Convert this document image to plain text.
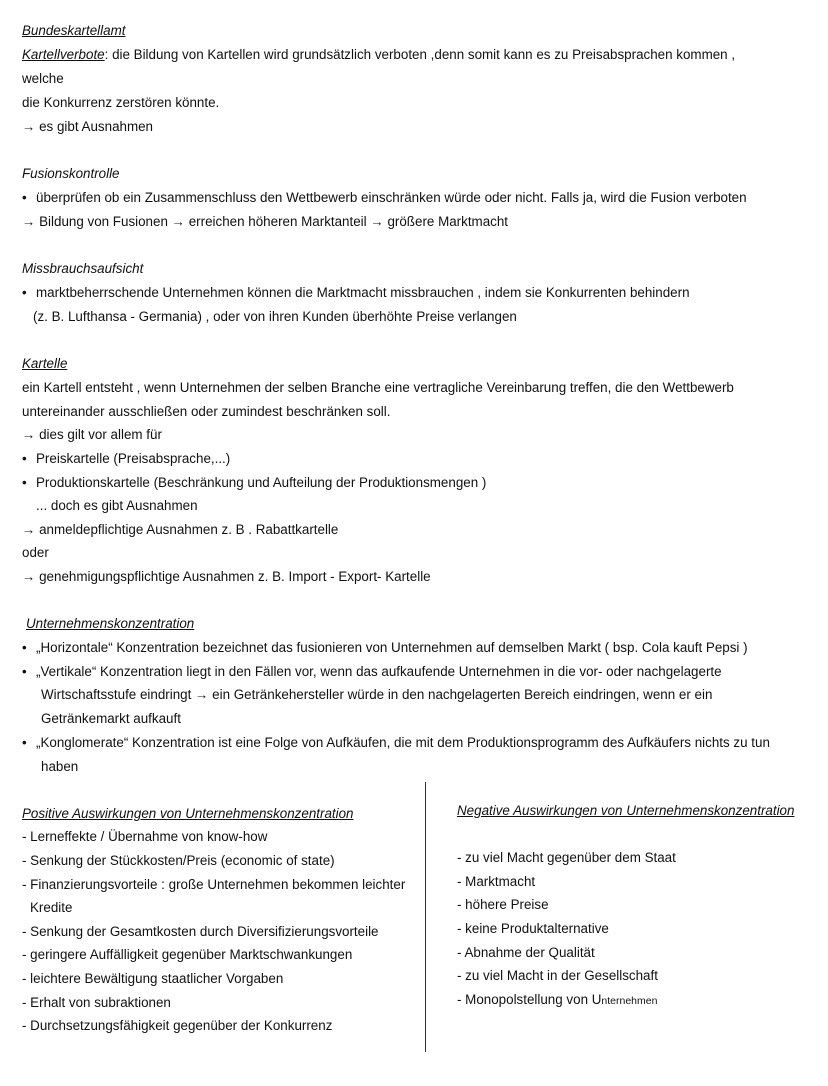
Bundeskartellamt
Kartellverbote: die Bildung von Kartellen wird grundsätzlich verboten ,denn somit kann es zu Preisabsprachen kommen ,
welche
die Konkurrenz zerstören könnte.
→ es gibt Ausnahmen
Fusionskontrolle
• überprüfen ob ein Zusammenschluss den Wettbewerb einschränken würde oder nicht. Falls ja, wird die Fusion verboten
→ Bildung von Fusionen → erreichen höheren Marktanteil → größere Marktmacht
Missbrauchsaufsicht
• marktbeherrschende Unternehmen können die Marktmacht missbrauchen , indem sie Konkurrenten behindern
(z. B. Lufthansa - Germania) , oder von ihren Kunden überhöhte Preise verlangen
Kartelle
ein Kartell entsteht , wenn Unternehmen der selben Branche eine vertragliche Vereinbarung treffen, die den Wettbewerb
untereinander ausschließen oder zumindest beschränken soll.
→ dies gilt vor allem für
• Preiskartelle (Preisabsprache,...)
• Produktionskartelle (Beschränkung und Aufteilung der Produktionsmengen )
... doch es gibt Ausnahmen
→ anmeldepflichtige Ausnahmen z. B . Rabattkartelle
oder
→ genehmigungspflichtige Ausnahmen z. B. Import - Export- Kartelle
Unternehmenskonzentration
• „Horizontale“ Konzentration bezeichnet das fusionieren von Unternehmen auf demselben Markt ( bsp. Cola kauft Pepsi )
• „Vertikale“ Konzentration liegt in den Fällen vor, wenn das aufkaufende Unternehmen in die vor- oder nachgelagerte
Wirtschaftsstufe eindringt → ein Getränkehersteller würde in den nachgelagerten Bereich eindringen, wenn er ein
Getränkemarkt aufkauft
• „Konglomerate“ Konzentration ist eine Folge von Aufkäufen, die mit dem Produktionsprogramm des Aufkäufers nichts zu tun
haben
Positive Auswirkungen von Unternehmenskonzentration
- Lerneffekte / Übernahme von know-how
- Senkung der Stückkosten/Preis (economic of state)
- Finanzierungsvorteile : große Unternehmen bekommen leichter
Kredite
- Senkung der Gesamtkosten durch Diversifizierungsvorteile
- geringere Auffälligkeit gegenüber Marktschwankungen
- leichtere Bewältigung staatlicher Vorgaben
- Erhalt von subraktionen
- Durchsetzungsfähigkeit gegenüber der Konkurrenz
Negative Auswirkungen von Unternehmenskonzentration
- zu viel Macht gegenüber dem Staat
- Marktmacht
- höhere Preise
- keine Produktalternative
- Abnahme der Qualität
- zu viel Macht in der Gesellschaft
- Monopolstellung von Unternehmen
